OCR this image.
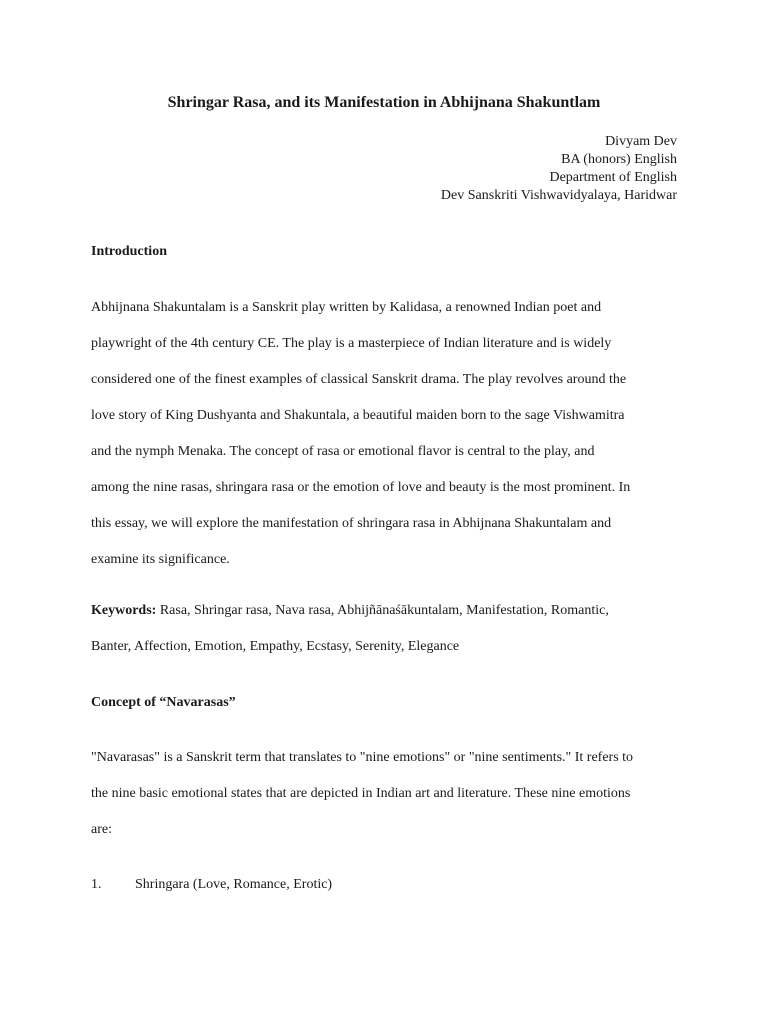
Shringar Rasa, and its Manifestation in Abhijnana Shakuntlam
Divyam Dev
BA (honors) English
Department of English
Dev Sanskriti Vishwavidyalaya, Haridwar
Introduction
Abhijnana Shakuntalam is a Sanskrit play written by Kalidasa, a renowned Indian poet and
playwright of the 4th century CE. The play is a masterpiece of Indian literature and is widely
considered one of the finest examples of classical Sanskrit drama. The play revolves around the
love story of King Dushyanta and Shakuntala, a beautiful maiden born to the sage Vishwamitra
and the nymph Menaka. The concept of rasa or emotional flavor is central to the play, and
among the nine rasas, shringara rasa or the emotion of love and beauty is the most prominent. In
this essay, we will explore the manifestation of shringara rasa in Abhijnana Shakuntalam and
examine its significance.
Keywords: Rasa, Shringar rasa, Nava rasa, Abhijñānaśākuntalam, Manifestation, Romantic,
Banter, Affection, Emotion, Empathy, Ecstasy, Serenity, Elegance
Concept of “Navarasas”
"Navarasas" is a Sanskrit term that translates to "nine emotions" or "nine sentiments." It refers to
the nine basic emotional states that are depicted in Indian art and literature. These nine emotions
are:
1. Shringara (Love, Romance, Erotic)
